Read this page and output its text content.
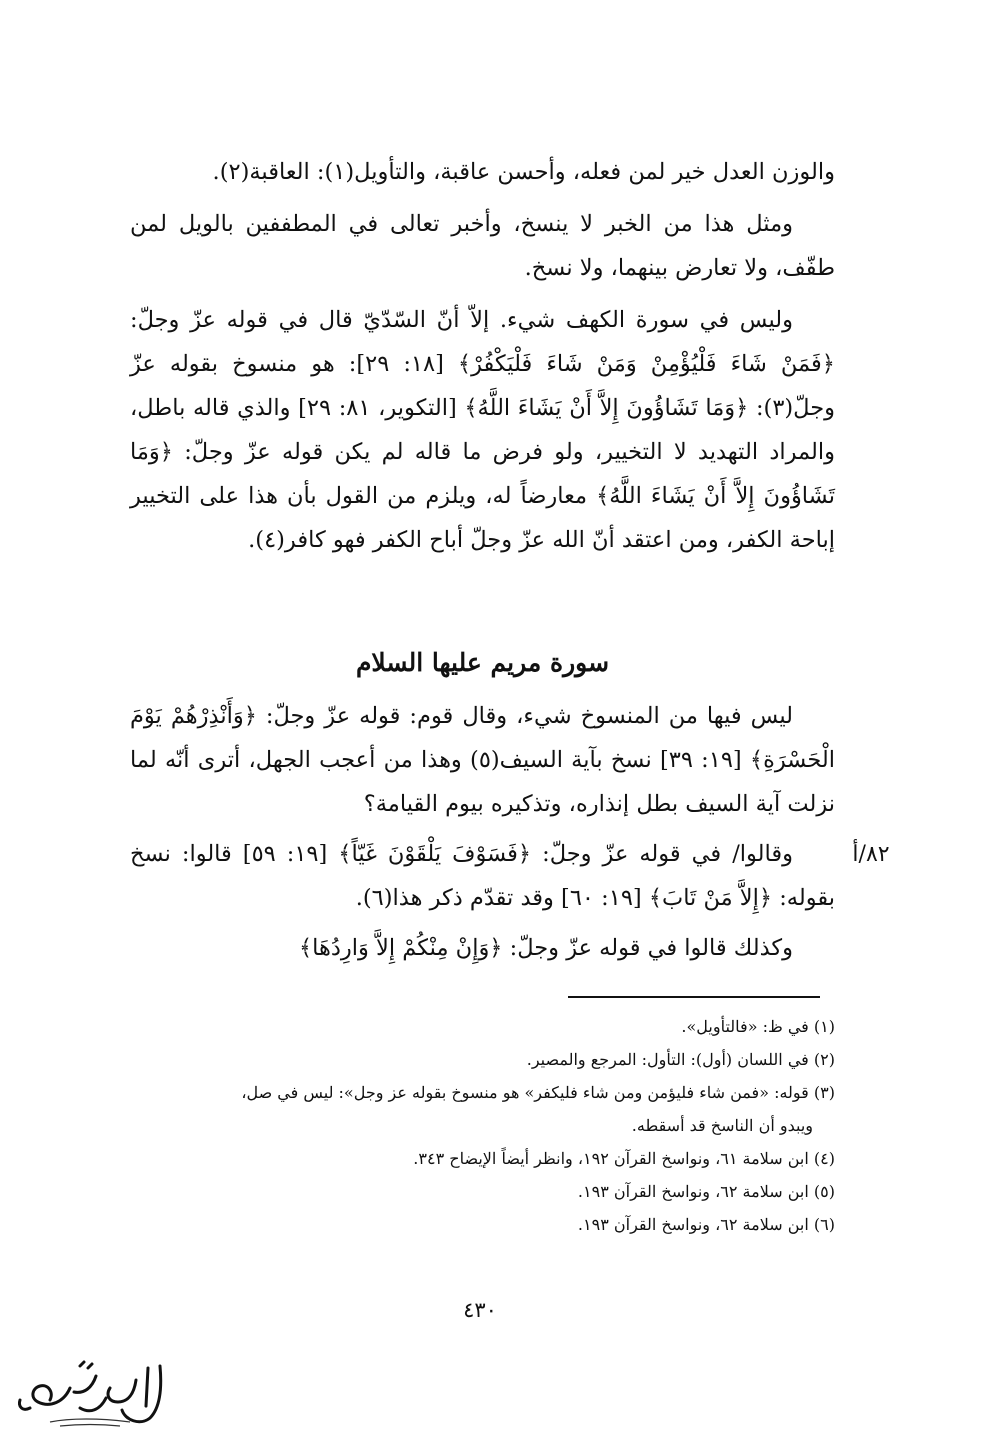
والوزن العدل خير لمن فعله، وأحسن عاقبة، والتأويل(١): العاقبة(٢).

ومثل هذا من الخبر لا ينسخ، وأخبر تعالى في المطففين بالويل لمن طفّف، ولا تعارض بينهما، ولا نسخ.

وليس في سورة الكهف شيء. إلاّ أنّ السّدّيّ قال في قوله عزّ وجلّ: ﴿فَمَنْ شَاءَ فَلْيُؤْمِنْ وَمَنْ شَاءَ فَلْيَكْفُرْ﴾ [١٨: ٢٩]: هو منسوخ بقوله عزّ وجلّ(٣): ﴿وَمَا تَشَاؤُونَ إِلاَّ أَنْ يَشَاءَ اللَّهُ﴾ [التكوير، ٨١: ٢٩] والذي قاله باطل، والمراد التهديد لا التخيير، ولو فرض ما قاله لم يكن قوله عزّ وجلّ: ﴿وَمَا تَشَاؤُونَ إِلاَّ أَنْ يَشَاءَ اللَّهُ﴾ معارضاً له، ويلزم من القول بأن هذا على التخيير إباحة الكفر، ومن اعتقد أنّ الله عزّ وجلّ أباح الكفر فهو كافر(٤).

سورة مريم عليها السلام

ليس فيها من المنسوخ شيء، وقال قوم: قوله عزّ وجلّ: ﴿وَأَنْذِرْهُمْ يَوْمَ الْحَسْرَةِ﴾ [١٩: ٣٩] نسخ بآية السيف(٥) وهذا من أعجب الجهل، أترى أنّه لما نزلت آية السيف بطل إنذاره، وتذكيره بيوم القيامة؟

وقالوا/ في قوله عزّ وجلّ: ﴿فَسَوْفَ يَلْقَوْنَ غَيّاً﴾ [١٩: ٥٩] قالوا: نسخ بقوله: ﴿إِلاَّ مَنْ تَابَ﴾ [١٩: ٦٠] وقد تقدّم ذكر هذا(٦).

وكذلك قالوا في قوله عزّ وجلّ: ﴿وَإِنْ مِنْكُمْ إِلاَّ وَارِدُهَا﴾

٨٢/أ

(١) في ظ: «فالتأويل».

(٢) في اللسان (أول): التأول: المرجع والمصير.

(٣) قوله: «فمن شاء فليؤمن ومن شاء فليكفر» هو منسوخ بقوله عز وجل»: ليس في صل،

ويبدو أن الناسخ قد أسقطه.

(٤) ابن سلامة ٦١، ونواسخ القرآن ١٩٢، وانظر أيضاً الإيضاح ٣٤٣.

(٥) ابن سلامة ٦٢، ونواسخ القرآن ١٩٣.

(٦) ابن سلامة ٦٢، ونواسخ القرآن ١٩٣.

٤٣٠
